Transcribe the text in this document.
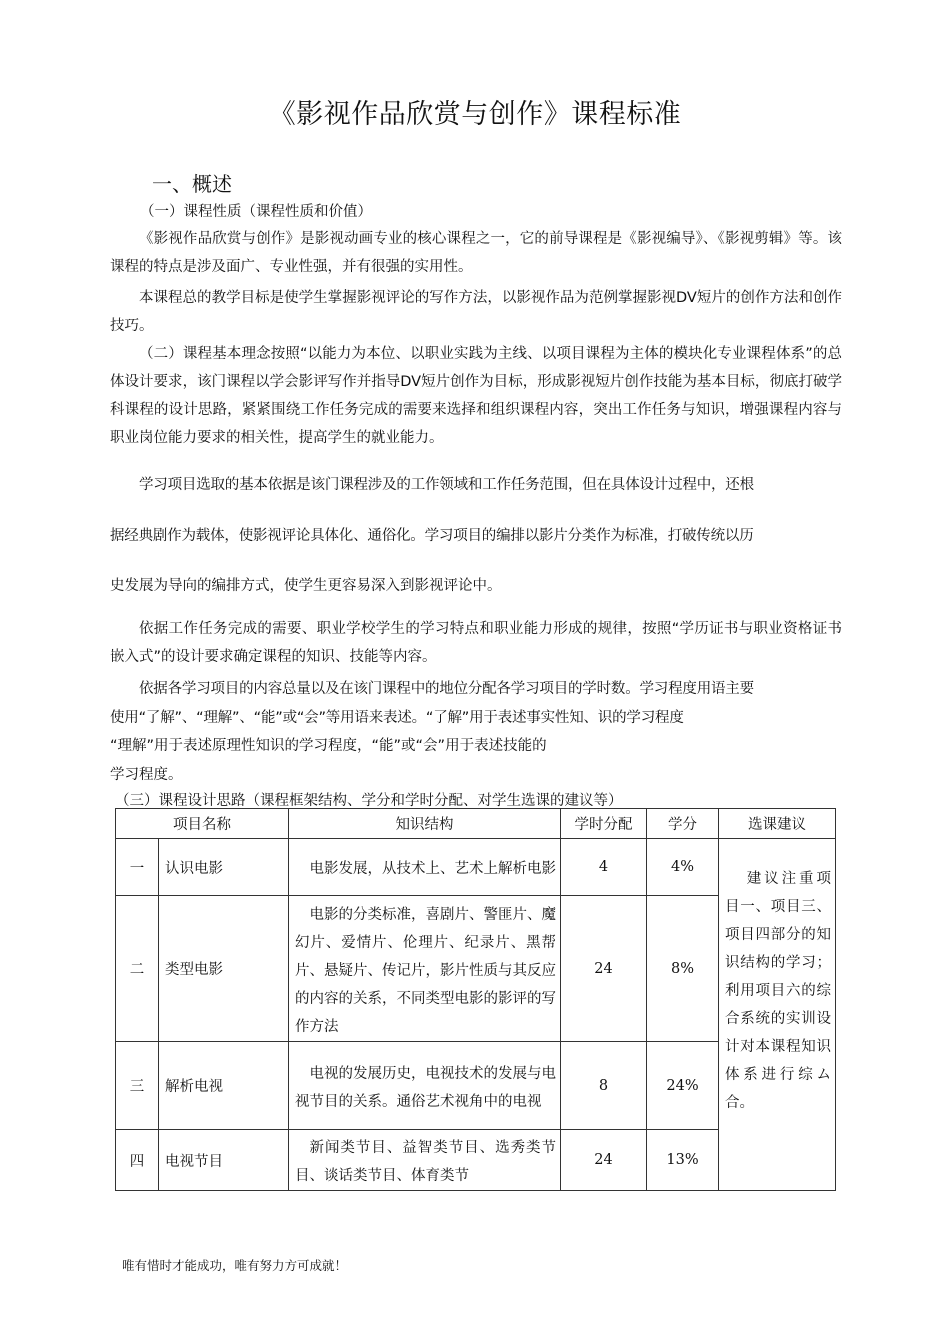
《影视作品欣赏与创作》课程标准
一、概述
（一）课程性质（课程性质和价值）
《影视作品欣赏与创作》是影视动画专业的核心课程之一，它的前导课程是《影视编导》、《影视剪辑》等。该课程的特点是涉及面广、专业性强，并有很强的实用性。
本课程总的教学目标是使学生掌握影视评论的写作方法，以影视作品为范例掌握影视DV短片的创作方法和创作技巧。
（二）课程基本理念按照“以能力为本位、以职业实践为主线、以项目课程为主体的模块化专业课程体系”的总体设计要求，该门课程以学会影评写作并指导DV短片创作为目标，形成影视短片创作技能为基本目标，彻底打破学科课程的设计思路，紧紧围绕工作任务完成的需要来选择和组织课程内容，突出工作任务与知识，增强课程内容与职业岗位能力要求的相关性，提高学生的就业能力。
学习项目选取的基本依据是该门课程涉及的工作领域和工作任务范围，但在具体设计过程中，还根
据经典剧作为载体，使影视评论具体化、通俗化。学习项目的编排以影片分类作为标准，打破传统以历
史发展为导向的编排方式，使学生更容易深入到影视评论中。
依据工作任务完成的需要、职业学校学生的学习特点和职业能力形成的规律，按照“学历证书与职业资格证书嵌入式”的设计要求确定课程的知识、技能等内容。
依据各学习项目的内容总量以及在该门课程中的地位分配各学习项目的学时数。学习程度用语主要
使用“了解”、“理解”、“能”或“会”等用语来表述。“了解”用于表述事实性知、识的学习程度
“理解”用于表述原理性知识的学习程度，“能”或“会”用于表述技能的
学习程度。
（三）课程设计思路（课程框架结构、学分和学时分配、对学生选课的建议等）
项目名称		知识结构	学时分配	学分	选课建议
一	认识电影	电影发展，从技术上、艺术上解析电影	4	4%	建议注重项目一、项目三、项目四部分的知识结构的学习；利用项目六的综合系统的实训设计对本课程知识体系进行综ム合。

二	类型电影	电影的分类标准，喜剧片、警匪片、魔幻片、爱情片、伦理片、纪录片、黑帮片、悬疑片、传记片，影片性质与其反应的内容的关系，不同类型电影的影评的写作方法	24	8%	
三	解析电视	电视的发展历史，电视技术的发展与电视节目的关系。通俗艺术视角中的电视	8	24%	
四	电视节目	新闻类节目、益智类节目、选秀类节目、谈话类节目、体育类节	24	13%	
唯有惜时才能成功，唯有努力方可成就！
